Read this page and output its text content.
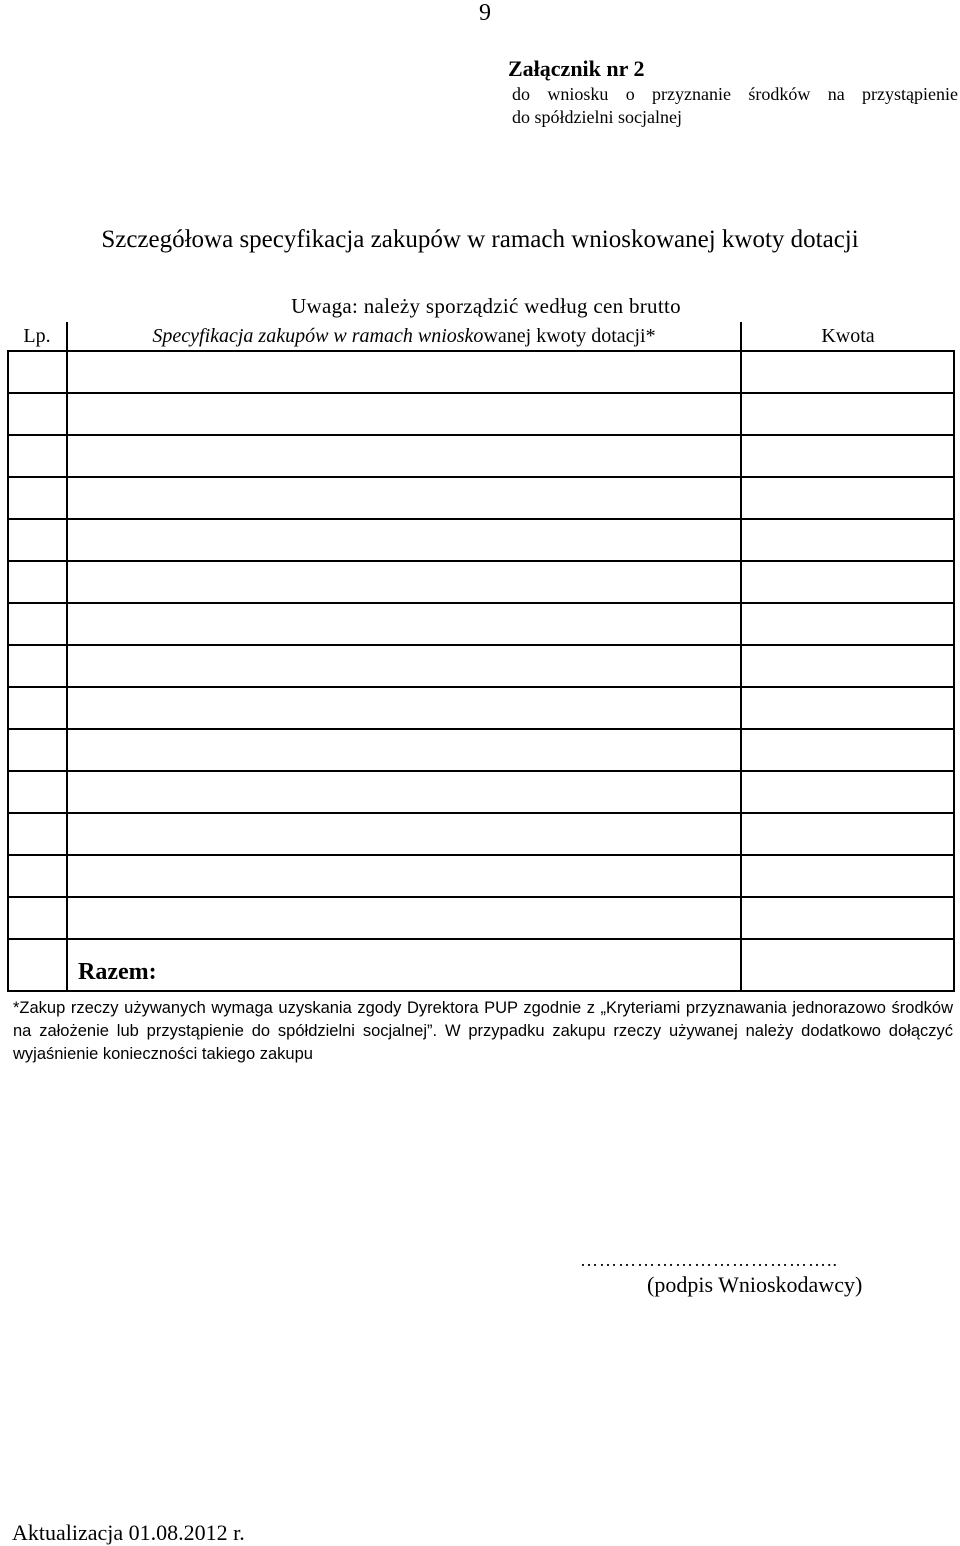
9
Załącznik nr 2
do wniosku o przyznanie środków na przystąpienie
do spółdzielni socjalnej
Szczegółowa specyfikacja zakupów w ramach wnioskowanej kwoty dotacji
Uwaga: należy sporządzić według cen brutto
Lp.	Specyfikacja zakupów w ramach wnioskowanej kwoty dotacji*	Kwota

	Razem:	
*Zakup rzeczy używanych wymaga uzyskania zgody Dyrektora PUP zgodnie z „Kryteriami przyznawania jednorazowo środków
na założenie lub przystąpienie do spółdzielni socjalnej”. W przypadku zakupu rzeczy używanej należy dodatkowo dołączyć
wyjaśnienie konieczności takiego zakupu
…………………………………..
(podpis Wnioskodawcy)
Aktualizacja 01.08.2012 r.
